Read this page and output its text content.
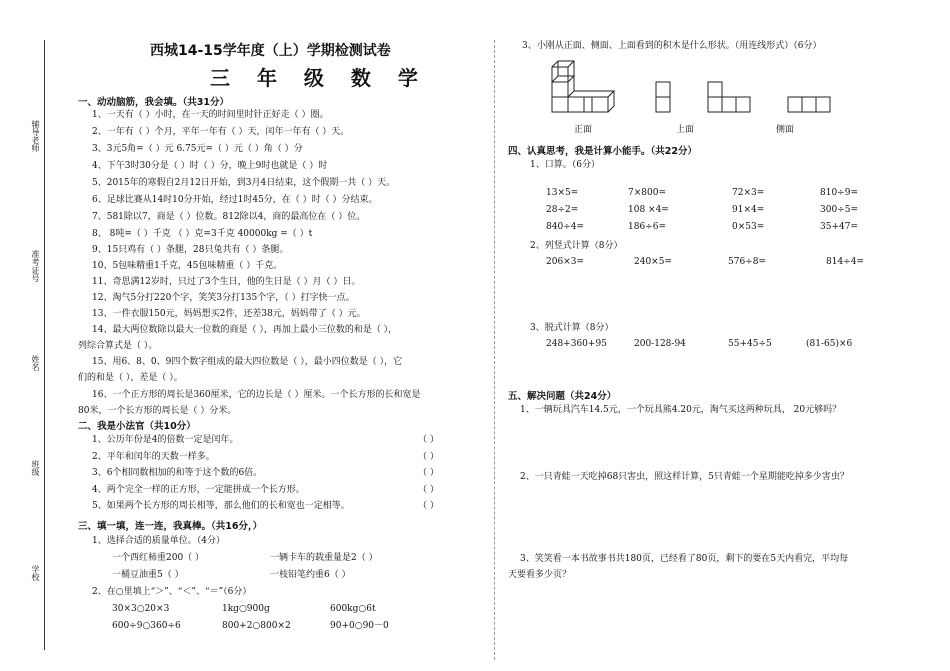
辅导老师
准考证号
姓名
班级
学校
西城14-15学年度（上）学期检测试卷
三 年 级 数 学
一、动动脑筋，我会填。（共31分）
1、一天有（ ）小时，在一天的时间里时针正好走（ ）圈。
2、一年有（ ）个月，平年一年有（ ）天，闰年一年有（ ）天。
3、3元5角=（ ）元 6.75元=（ ）元（ ）角（ ）分
4、下午3时30分是（ ）时（ ）分，晚上9时也就是（ ）时
5、2015年的寒假自2月12日开始，到3月4日结束，这个假期一共（ ）天。
6、足球比赛从14时10分开始，经过1时45分，在（ ）时（ ）分结束。
7、581除以7，商是（ ）位数。812除以4，商的最高位在（ ）位。
8、 8吨=（ ）千克 （ ）克=3千克 40000kg =（ ）t
9、15只鸡有（ ）条腿，28只兔共有（ ）条腿。
10、5包味精重1千克，45包味精重（ ）千克。
11、奇思满12岁时，只过了3个生日，他的生日是（ ）月（ ）日。
12、淘气5分打220个字，笑笑3分打135个字，（ ）打字快一点。
13、一件衣服150元，妈妈想买2件，还差38元，妈妈带了（ ）元。
14、最大两位数除以最大一位数的商是（ ），再加上最小三位数的和是（ ），
列综合算式是（ ）。
15、用6、8、0、9四个数字组成的最大四位数是（ ），最小四位数是（ ），它
们的和是（ ），差是（ ）。
16、一个正方形的周长是360厘米，它的边长是（ ）厘米。一个长方形的长和宽是
80米，一个长方形的周长是（ ）分米。
二、我是小法官（共10分）
1、公历年份是4的倍数一定是闰年。	（ ）
2、平年和闰年的天数一样多。	（ ）
3、6个相同数相加的和等于这个数的6倍。	（ ）
4、两个完全一样的正方形，一定能拼成一个长方形。	（ ）
5、如果两个长方形的周长相等，那么他们的长和宽也一定相等。	（ ）
三、填一填，连一连，我真棒。（共16分，）
1、选择合适的质量单位。（4分）
一个西红柿重200（ ）	一辆卡车的载重量是2（ ）
一桶豆油重5（ ）	一枝铅笔约重6（ ）
2、在○里填上“＞”、“＜”、“＝”（6分）
30×3○20×3	1kg○900g	600kg○6t
600÷9○360÷6	800+2○800×2	90+0○90－0
3、小刚从正面、侧面、上面看到的积木是什么形状。（用连线形式）（6分）
正面	上面	侧面
四、认真思考，我是计算小能手。（共22分）
1、口算。（6分）
13×5=	7×800=	72×3=	810÷9=
28÷2=	108 ×4=	91×4=	300÷5=
840÷4=	186÷6=	0×53=	35+47=
2、列竖式计算（8分）
206×3=	240×5=	576÷8=	814÷4=
3、脱式计算（8分）
248+360+95	200-128-94	55+45÷5	(81-65)×6
五、解决问题（共24分）
1、一辆玩具汽车14.5元，一个玩具熊4.20元，淘气买这两种玩具， 20元够吗？
2、一只青蛙一天吃掉68只害虫，照这样计算，5只青蛙一个星期能吃掉多少害虫？
3、笑笑看一本书故事书共180页，已经看了80页，剩下的要在5天内看完，平均每
天要看多少页？
